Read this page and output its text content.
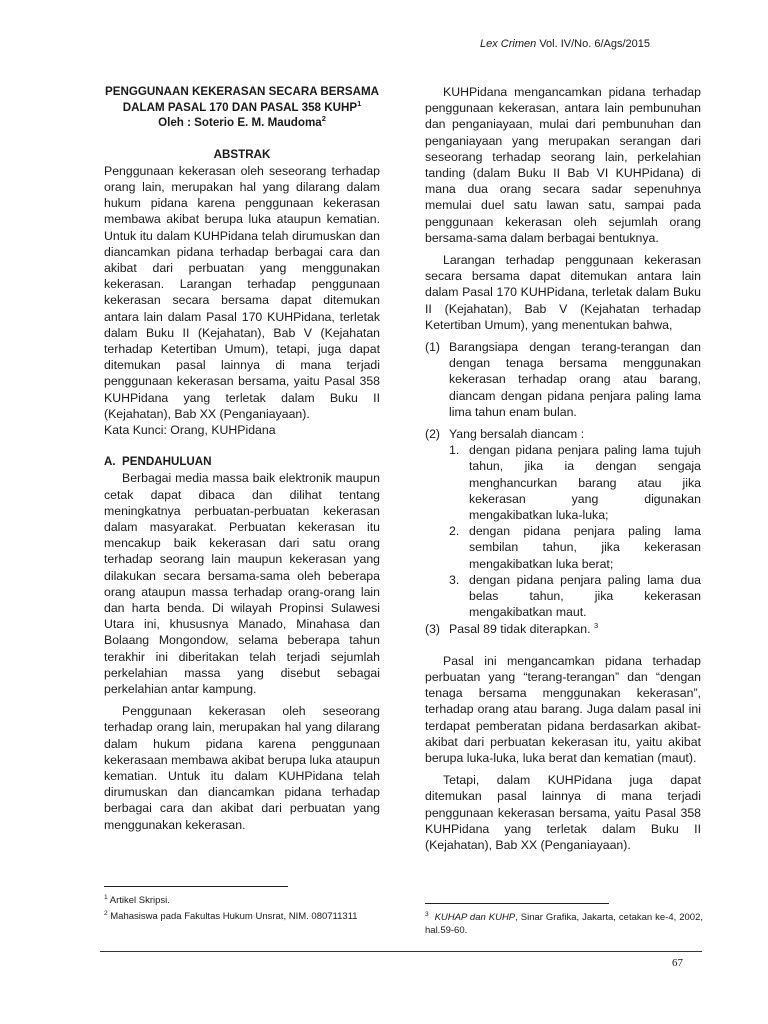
Lex Crimen Vol. IV/No. 6/Ags/2015
PENGGUNAAN KEKERASAN SECARA BERSAMA
DALAM PASAL 170 DAN PASAL 358 KUHP$^1$
Oleh : Soterio E. M. Maudoma$^2$
ABSTRAK

Penggunaan kekerasan oleh seseorang terhadap orang lain, merupakan hal yang dilarang dalam hukum pidana karena penggunaan kekerasan membawa akibat berupa luka ataupun kematian. Untuk itu dalam KUHPidana telah dirumuskan dan diancamkan pidana terhadap berbagai cara dan akibat dari perbuatan yang menggunakan kekerasan. Larangan terhadap penggunaan kekerasan secara bersama dapat ditemukan antara lain dalam Pasal 170 KUHPidana, terletak dalam Buku II (Kejahatan), Bab V (Kejahatan terhadap Ketertiban Umum), tetapi, juga dapat ditemukan pasal lainnya di mana terjadi penggunaan kekerasan bersama, yaitu Pasal 358 KUHPidana yang terletak dalam Buku II (Kejahatan), Bab XX (Penganiayaan).

Kata Kunci: Orang, KUHPidana

A. PENDAHULUAN

Berbagai media massa baik elektronik maupun cetak dapat dibaca dan dilihat tentang meningkatnya perbuatan-perbuatan kekerasan dalam masyarakat. Perbuatan kekerasan itu mencakup baik kekerasan dari satu orang terhadap seorang lain maupun kekerasan yang dilakukan secara bersama-sama oleh beberapa orang ataupun massa terhadap orang-orang lain dan harta benda. Di wilayah Propinsi Sulawesi Utara ini, khususnya Manado, Minahasa dan Bolaang Mongondow, selama beberapa tahun terakhir ini diberitakan telah terjadi sejumlah perkelahian massa yang disebut sebagai perkelahian antar kampung.

Penggunaan kekerasan oleh seseorang terhadap orang lain, merupakan hal yang dilarang dalam hukum pidana karena penggunaan kekerasaan membawa akibat berupa luka ataupun kematian. Untuk itu dalam KUHPidana telah dirumuskan dan diancamkan pidana terhadap berbagai cara dan akibat dari perbuatan yang menggunakan kekerasan.

KUHPidana mengancamkan pidana terhadap penggunaan kekerasan, antara lain pembunuhan dan penganiayaan, mulai dari pembunuhan dan penganiayaan yang merupakan serangan dari seseorang terhadap seorang lain, perkelahian tanding (dalam Buku II Bab VI KUHPidana) di mana dua orang secara sadar sepenuhnya memulai duel satu lawan satu, sampai pada penggunaan kekerasan oleh sejumlah orang bersama-sama dalam berbagai bentuknya.

Larangan terhadap penggunaan kekerasan secara bersama dapat ditemukan antara lain dalam Pasal 170 KUHPidana, terletak dalam Buku II (Kejahatan), Bab V (Kejahatan terhadap Ketertiban Umum), yang menentukan bahwa,

(1) Barangsiapa dengan terang-terangan dan dengan tenaga bersama menggunakan kekerasan terhadap orang atau barang, diancam dengan pidana penjara paling lama lima tahun enam bulan.
(2) Yang bersalah diancam :
1. dengan pidana penjara paling lama tujuh tahun, jika ia dengan sengaja menghancurkan barang atau jika kekerasan yang digunakan mengakibatkan luka-luka;
2. dengan pidana penjara paling lama sembilan tahun, jika kekerasan mengakibatkan luka berat;
3. dengan pidana penjara paling lama dua belas tahun, jika kekerasan mengakibatkan maut.
(3) Pasal 89 tidak diterapkan. $^3$

Pasal ini mengancamkan pidana terhadap perbuatan yang “terang-terangan” dan “dengan tenaga bersama menggunakan kekerasan”, terhadap orang atau barang. Juga dalam pasal ini terdapat pemberatan pidana berdasarkan akibat-akibat dari perbuatan kekerasan itu, yaitu akibat berupa luka-luka, luka berat dan kematian (maut).

Tetapi, dalam KUHPidana juga dapat ditemukan pasal lainnya di mana terjadi penggunaan kekerasan bersama, yaitu Pasal 358 KUHPidana yang terletak dalam Buku II (Kejahatan), Bab XX (Penganiayaan).

$^1$ Artikel Skripsi.
$^2$ Mahasiswa pada Fakultas Hukum Unsrat, NIM. 080711311	$^3$ KUHAP dan KUHP, Sinar Grafika, Jakarta, cetakan ke-4, 2002, hal.59-60.
67
